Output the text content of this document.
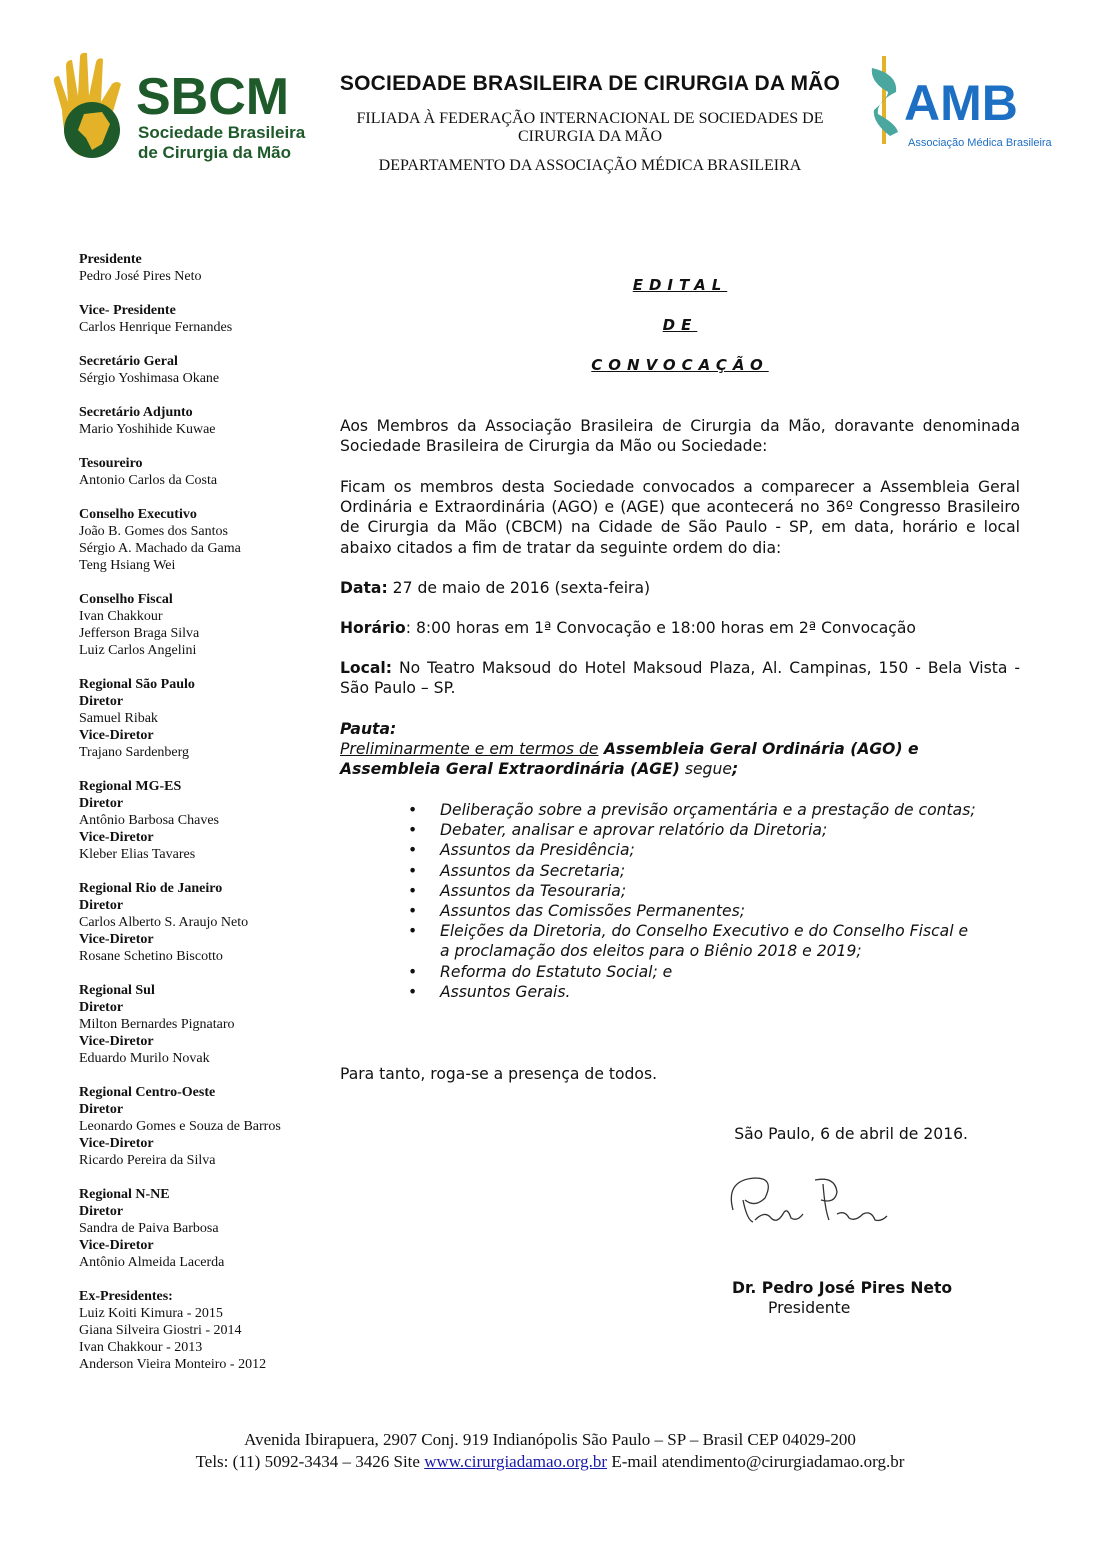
SBCM
Sociedade Brasileira
de Cirurgia da Mão
SOCIEDADE BRASILEIRA DE CIRURGIA DA MÃO
FILIADA À FEDERAÇÃO INTERNACIONAL DE SOCIEDADES DE CIRURGIA DA MÃO
DEPARTAMENTO DA ASSOCIAÇÃO MÉDICA BRASILEIRA
AMB
Associação Médica Brasileira
Presidente
Pedro José Pires Neto
Vice- Presidente
Carlos Henrique Fernandes
Secretário Geral
Sérgio Yoshimasa Okane
Secretário Adjunto
Mario Yoshihide Kuwae
Tesoureiro
Antonio Carlos da Costa
Conselho Executivo
João B. Gomes dos Santos
Sérgio A. Machado da Gama
Teng Hsiang Wei
Conselho Fiscal
Ivan Chakkour
Jefferson Braga Silva
Luiz Carlos Angelini
Regional São Paulo
Diretor
Samuel Ribak
Vice-Diretor
Trajano Sardenberg
Regional MG-ES
Diretor
Antônio Barbosa Chaves
Vice-Diretor
Kleber Elias Tavares
Regional Rio de Janeiro
Diretor
Carlos Alberto S. Araujo Neto
Vice-Diretor
Rosane Schetino Biscotto
Regional Sul
Diretor
Milton Bernardes Pignataro
Vice-Diretor
Eduardo Murilo Novak
Regional Centro-Oeste
Diretor
Leonardo Gomes e Souza de Barros
Vice-Diretor
Ricardo Pereira da Silva
Regional N-NE
Diretor
Sandra de Paiva Barbosa
Vice-Diretor
Antônio Almeida Lacerda
Ex-Presidentes:
Luiz Koiti Kimura - 2015
Giana Silveira Giostri - 2014
Ivan Chakkour - 2013
Anderson Vieira Monteiro - 2012
EDITAL
DE
CONVOCAÇÃO
Aos Membros da Associação Brasileira de Cirurgia da Mão, doravante denominada Sociedade Brasileira de Cirurgia da Mão ou Sociedade:
Ficam os membros desta Sociedade convocados a comparecer a Assembleia Geral Ordinária e Extraordinária (AGO) e (AGE) que acontecerá no 36º Congresso Brasileiro de Cirurgia da Mão (CBCM) na Cidade de São Paulo - SP, em data, horário e local abaixo citados a fim de tratar da seguinte ordem do dia:
Data: 27 de maio de 2016 (sexta-feira)
Horário: 8:00 horas em 1ª Convocação e 18:00 horas em 2ª Convocação
Local: No Teatro Maksoud do Hotel Maksoud Plaza, Al. Campinas, 150 - Bela Vista - São Paulo – SP.
Pauta:
Preliminarmente e em termos de Assembleia Geral Ordinária (AGO) e Assembleia Geral Extraordinária (AGE) segue;
• Deliberação sobre a previsão orçamentária e a prestação de contas;
• Debater, analisar e aprovar relatório da Diretoria;
• Assuntos da Presidência;
• Assuntos da Secretaria;
• Assuntos da Tesouraria;
• Assuntos das Comissões Permanentes;
• Eleições da Diretoria, do Conselho Executivo e do Conselho Fiscal e a proclamação dos eleitos para o Biênio 2018 e 2019;
• Reforma do Estatuto Social; e
• Assuntos Gerais.
Para tanto, roga-se a presença de todos.
São Paulo, 6 de abril de 2016.
Dr. Pedro José Pires Neto
Presidente
Avenida Ibirapuera, 2907 Conj. 919 Indianópolis São Paulo – SP – Brasil CEP 04029-200
Tels: (11) 5092-3434 – 3426 Site www.cirurgiadamao.org.br E-mail atendimento@cirurgiadamao.org.br
